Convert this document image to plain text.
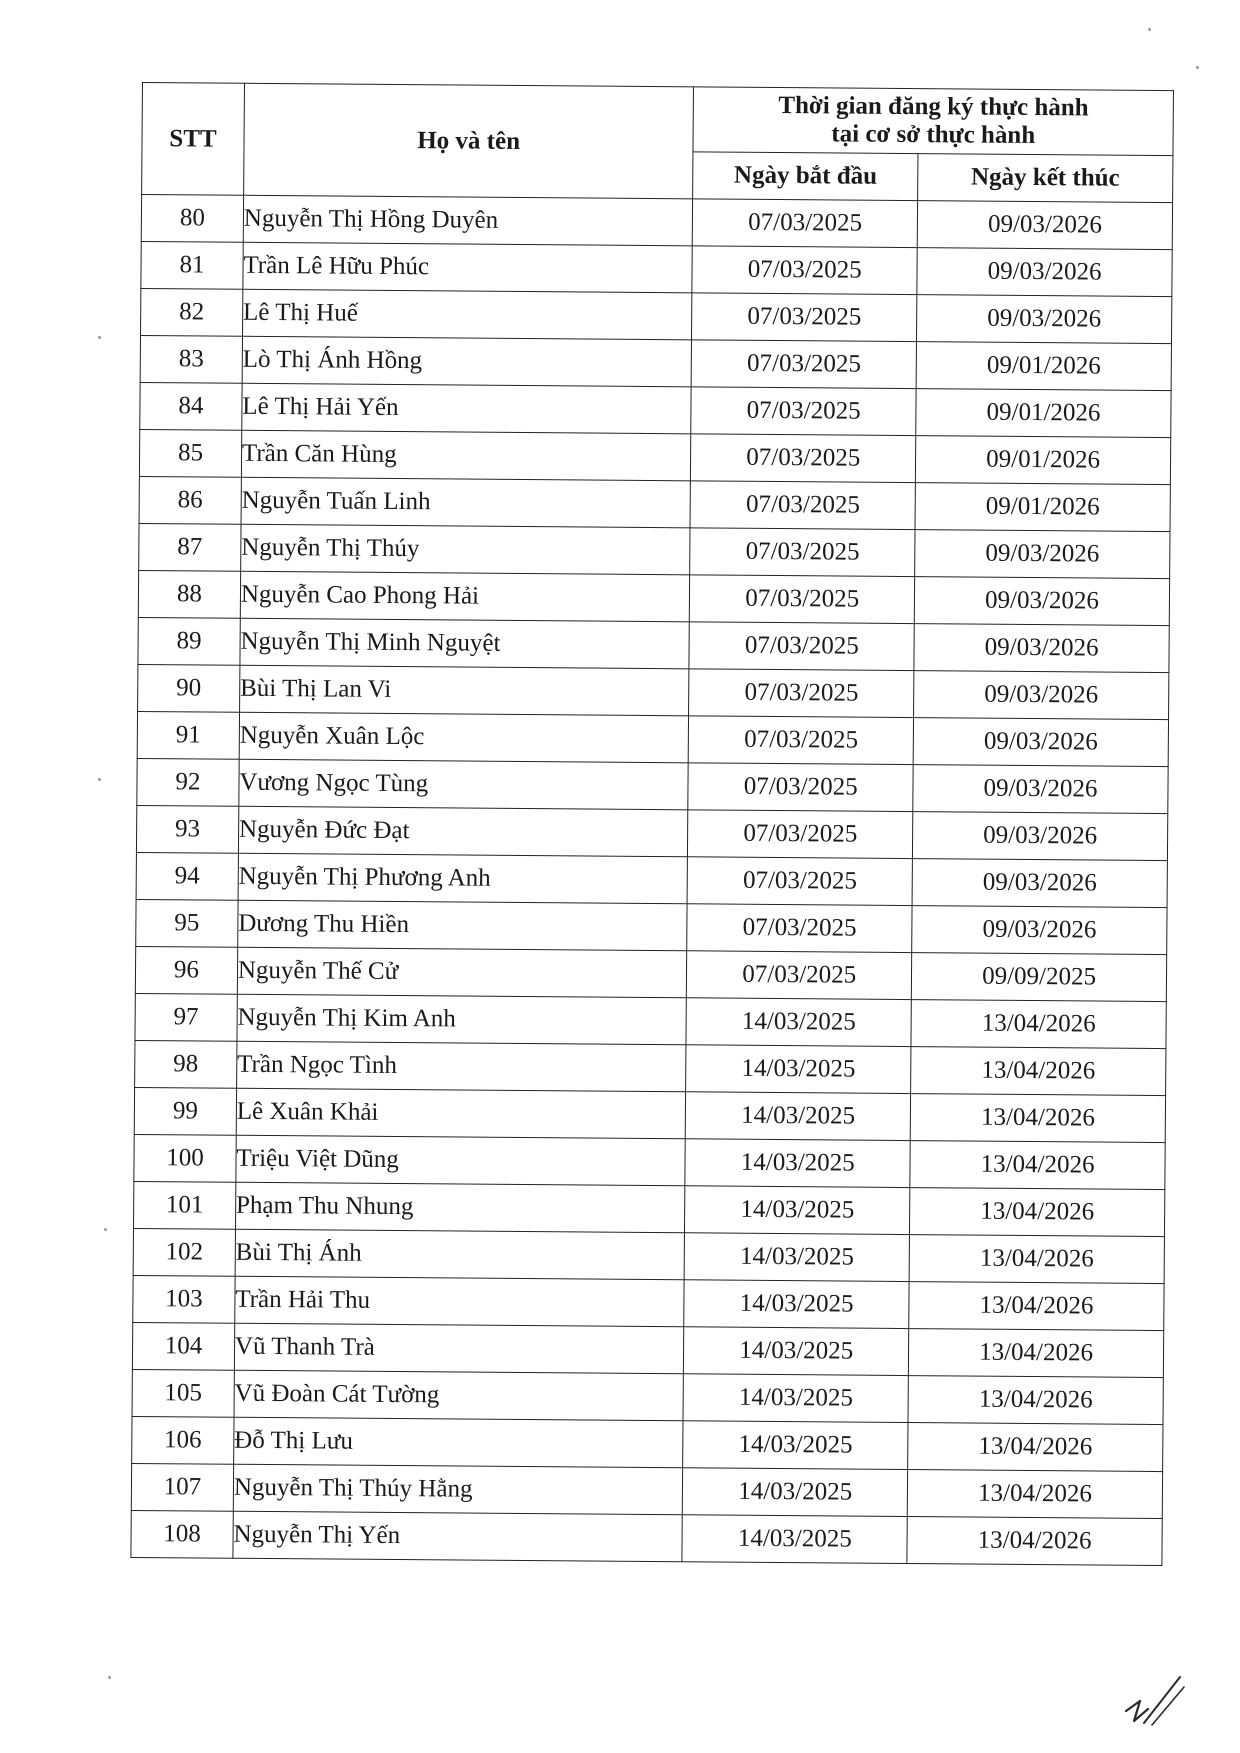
STT	Họ và tên	Thời gian đăng ký thực hành
tại cơ sở thực hành	
		Ngày bắt đầu	Ngày kết thúc
80	Nguyễn Thị Hồng Duyên	07/03/2025	09/03/2026
81	Trần Lê Hữu Phúc	07/03/2025	09/03/2026
82	Lê Thị Huế	07/03/2025	09/03/2026
83	Lò Thị Ánh Hồng	07/03/2025	09/01/2026
84	Lê Thị Hải Yến	07/03/2025	09/01/2026
85	Trần Căn Hùng	07/03/2025	09/01/2026
86	Nguyễn Tuấn Linh	07/03/2025	09/01/2026
87	Nguyễn Thị Thúy	07/03/2025	09/03/2026
88	Nguyễn Cao Phong Hải	07/03/2025	09/03/2026
89	Nguyễn Thị Minh Nguyệt	07/03/2025	09/03/2026
90	Bùi Thị Lan Vi	07/03/2025	09/03/2026
91	Nguyễn Xuân Lộc	07/03/2025	09/03/2026
92	Vương Ngọc Tùng	07/03/2025	09/03/2026
93	Nguyễn Đức Đạt	07/03/2025	09/03/2026
94	Nguyễn Thị Phương Anh	07/03/2025	09/03/2026
95	Dương Thu Hiền	07/03/2025	09/03/2026
96	Nguyễn Thế Cử	07/03/2025	09/09/2025
97	Nguyễn Thị Kim Anh	14/03/2025	13/04/2026
98	Trần Ngọc Tình	14/03/2025	13/04/2026
99	Lê Xuân Khải	14/03/2025	13/04/2026
100	Triệu Việt Dũng	14/03/2025	13/04/2026
101	Phạm Thu Nhung	14/03/2025	13/04/2026
102	Bùi Thị Ánh	14/03/2025	13/04/2026
103	Trần Hải Thu	14/03/2025	13/04/2026
104	Vũ Thanh Trà	14/03/2025	13/04/2026
105	Vũ Đoàn Cát Tường	14/03/2025	13/04/2026
106	Đỗ Thị Lưu	14/03/2025	13/04/2026
107	Nguyễn Thị Thúy Hằng	14/03/2025	13/04/2026
108	Nguyễn Thị Yến	14/03/2025	13/04/2026
